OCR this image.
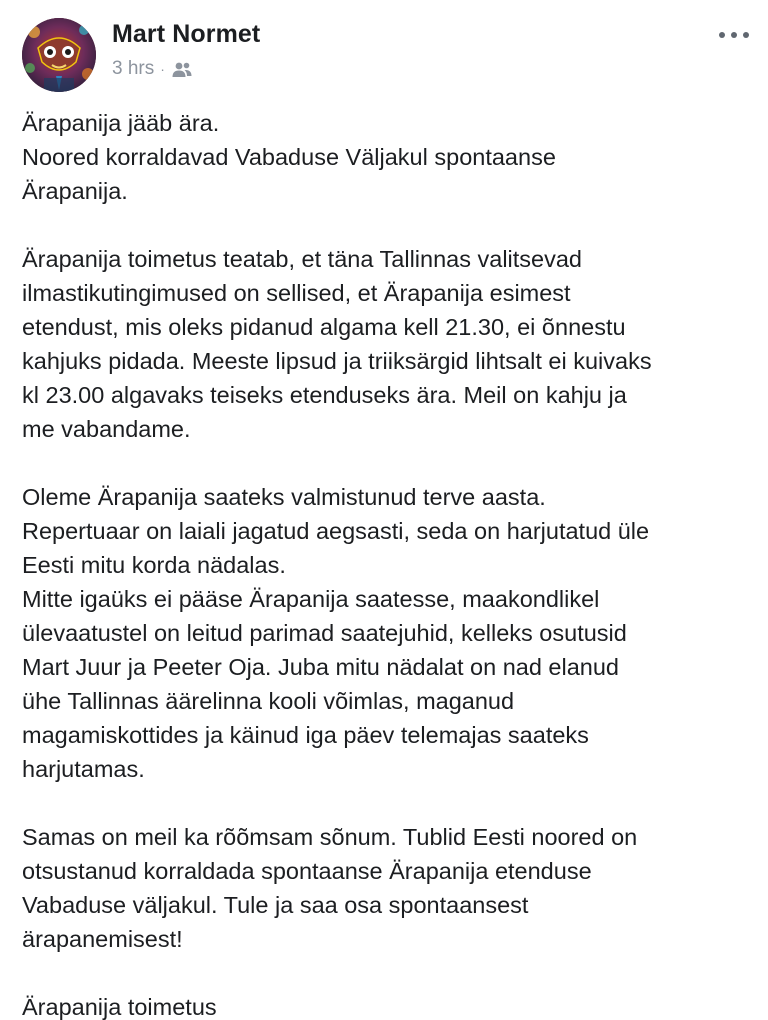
Mart Normet
3 hrs ·
Ärapanija jääb ära.
Noored korraldavad Vabaduse Väljakul spontaanse
Ärapanija.
Ärapanija toimetus teatab, et täna Tallinnas valitsevad
ilmastikutingimused on sellised, et Ärapanija esimest
etendust, mis oleks pidanud algama kell 21.30, ei õnnestu
kahjuks pidada. Meeste lipsud ja triiksärgid lihtsalt ei kuivaks
kl 23.00 algavaks teiseks etenduseks ära. Meil on kahju ja
me vabandame.
Oleme Ärapanija saateks valmistunud terve aasta.
Repertuaar on laiali jagatud aegsasti, seda on harjutatud üle
Eesti mitu korda nädalas.
Mitte igaüks ei pääse Ärapanija saatesse, maakondlikel
ülevaatustel on leitud parimad saatejuhid, kelleks osutusid
Mart Juur ja Peeter Oja. Juba mitu nädalat on nad elanud
ühe Tallinnas äärelinna kooli võimlas, maganud
magamiskottides ja käinud iga päev telemajas saateks
harjutamas.
Samas on meil ka rõõmsam sõnum. Tublid Eesti noored on
otsustanud korraldada spontaanse Ärapanija etenduse
Vabaduse väljakul. Tule ja saa osa spontaansest
ärapanemisest!
Ärapanija toimetus
